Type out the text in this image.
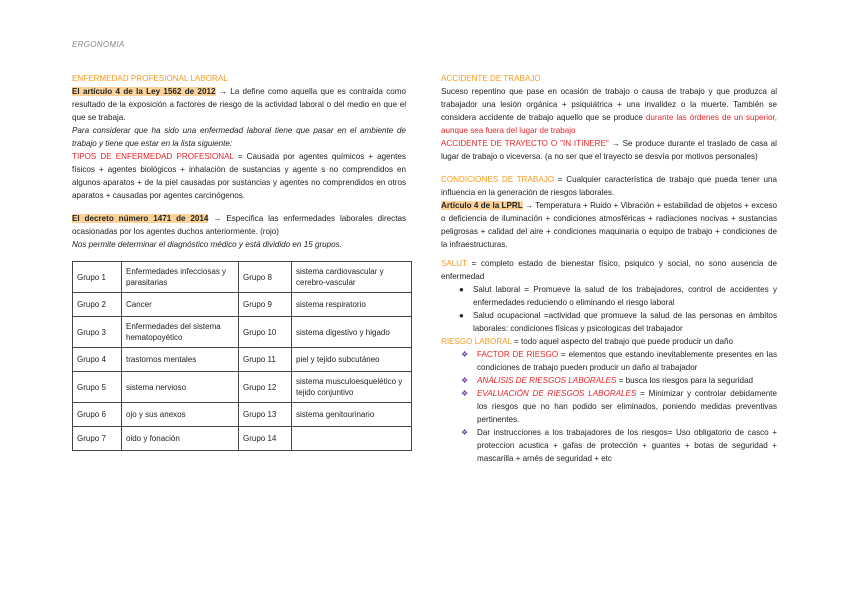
ERGONOMIA

ENFERMEDAD PROFESIONAL LABORAL

El artículo 4 de la Ley 1562 de 2012 → La define como aquella que es contraída como resultado de la exposición a factores de riesgo de la actividad laboral o del medio en que el que se trabaja.

Para considerar que ha sido una enfermedad laboral tiene que pasar en el ambiente de trabajo y tiene que estar en la lista siguiente:

TIPOS DE ENFERMEDAD PROFESIONAL = Causada por agentes químicos + agentes físicos + agentes biológicos + inhalación de sustancias y agente s no comprendidos en algunos aparatos + de la piel causadas por sustancias y agentes no comprendidos en otros aparatos + causadas por agentes carcinógenos.

El decreto número 1471 de 2014 → Especifica las enfermedades laborales directas ocasionadas por los agentes duchos anteriormente. (rojo)

Nos permite determinar el diagnóstico médico y está dividido en 15 grupos.

Grupo 1	Enfermedades infecciosas y parasitarias	Grupo 8	sistema cardiovascular y cerebro-vascular
Grupo 2	Cancer	Grupo 9	sistema respiratorio
Grupo 3	Enfermedades del sistema hematopoyético	Grupo 10	sistema digestivo y higado
Grupo 4	trastornos mentales	Grupo 11	piel y tejido subcutáneo
Grupo 5	sistema nervioso	Grupo 12	sistema musculoesquelético y tejido conjuntivo
Grupo 6	ojo y sus anexos	Grupo 13	sistema genitourinario
Grupo 7	oido y fonación	Grupo 14	

ACCIDENTE DE TRABAJO

Suceso repentino que pase en ocasión de trabajo o causa de trabajo y que produzca al trabajador una lesión orgánica + psiquiátrica + una invalidez o la muerte. También se considera accidente de trabajo aquello que se produce durante las órdenes de un superior, aunque sea fuera del lugar de trabajo

ACCIDENTE DE TRAYECTO O "IN ITINERE" → Se produce durante el traslado de casa al lugar de trabajo o viceversa. (a no ser que el trayecto se desvía por motivos personales)

CONDICIONES DE TRABAJO = Cualquier característica de trabajo que pueda tener una influencia en la generación de riesgos laborales.

Artículo 4 de la LPRL → Temperatura + Ruido + Vibración + estabilidad de objetos + exceso o deficiencia de iluminación + condiciones atmosféricas + radiaciones nocivas + sustancias peligrosas + calidad del aire + condiciones maquinaria o equipo de trabajo + condiciones de la infraestructuras.

SALUT = completo estado de bienestar físico, psiquico y social, no sono ausencia de enfermedad

● Salut laboral = Promueve la salud de los trabajadores, control de accidentes y enfermedades reduciendo o eliminando el riesgo laboral
● Salud ocupacional =actividad que promueve la salud de las personas en ámbitos laborales: condiciones físicas y psicologicas del trabajador

RIESGO LABORAL = todo aquel aspecto del trabajo que puede producir un daño

❖ FACTOR DE RIESGO = elementos que estando inevitablemente presentes en las condiciones de trabajo pueden producir un daño al trabajador
❖ ANÁLISIS DE RIESGOS LABORALES = busca los riesgos para la seguridad
❖ EVALUACIÓN DE RIESGOS LABORALES = Minimizar y controlar debidamente los riesgos que no han podido ser eliminados, poniendo medidas preventivas pertinentes.
❖ Dar instrucciones a los trabajadores de los riesgos= Uso obligatorio de casco + proteccion acustica + gafas de protección + guantes + botas de seguridad + mascarilla + arnés de seguridad + etc
